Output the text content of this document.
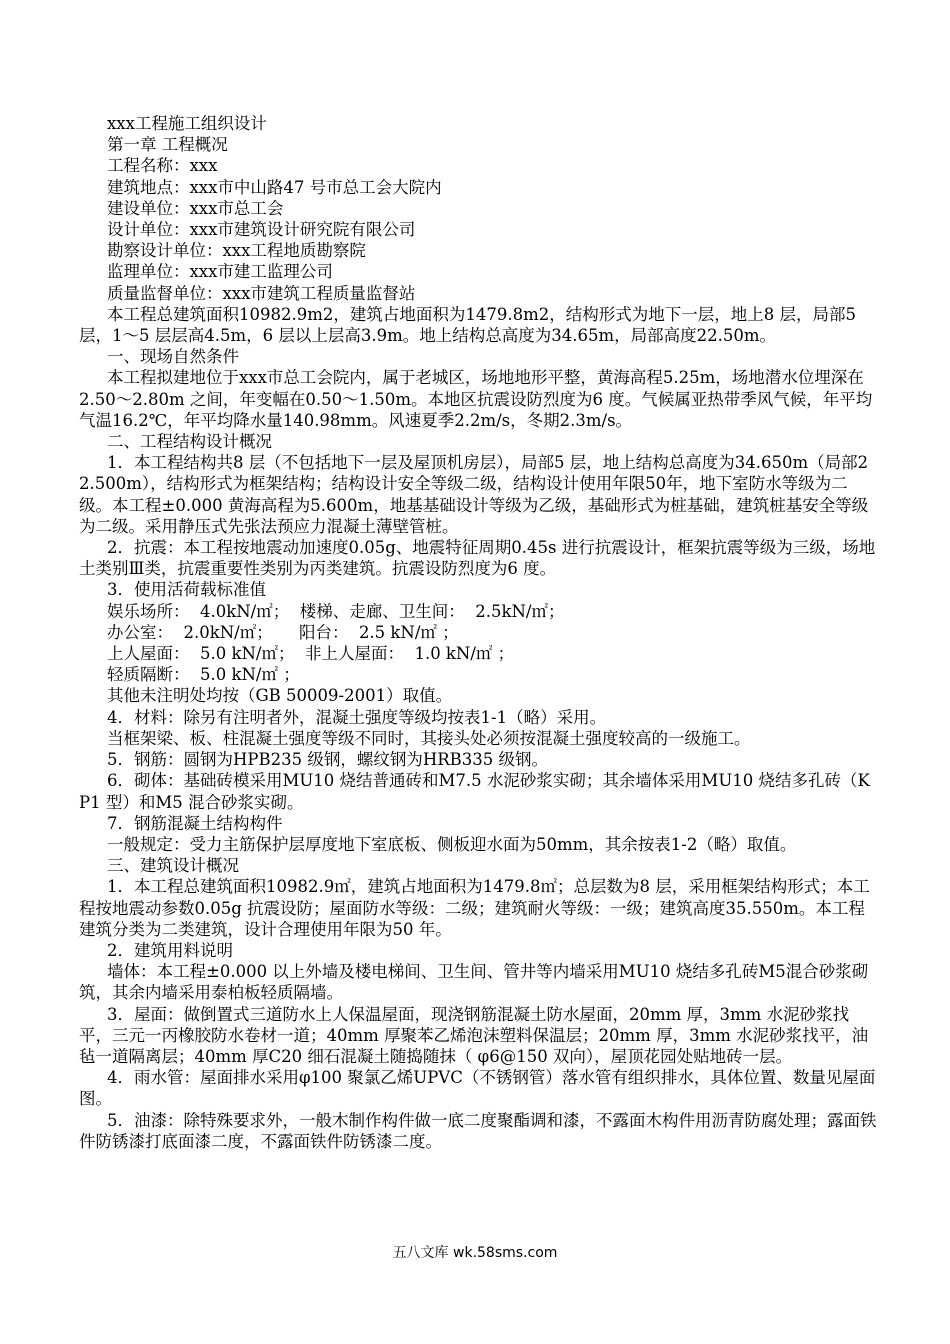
xxx工程施工组织设计

第一章 工程概况

工程名称：xxx

建筑地点：xxx市中山路47 号市总工会大院内

建设单位：xxx市总工会

设计单位：xxx市建筑设计研究院有限公司

勘察设计单位：xxx工程地质勘察院

监理单位：xxx市建工监理公司

质量监督单位：xxx市建筑工程质量监督站

本工程总建筑面积10982.9m2，建筑占地面积为1479.8m2，结构形式为地下一层，地上8 层，局部5 层，1～5 层层高4.5m，6 层以上层高3.9m。地上结构总高度为34.65m，局部高度22.50m。

一、现场自然条件

本工程拟建地位于xxx市总工会院内，属于老城区，场地地形平整，黄海高程5.25m，场地潜水位埋深在2.50～2.80m 之间，年变幅在0.50～1.50m。本地区抗震设防烈度为6 度。气候属亚热带季风气候，年平均气温16.2℃，年平均降水量140.98mm。风速夏季2.2m/s，冬期2.3m/s。

二、工程结构设计概况

1．本工程结构共8 层（不包括地下一层及屋顶机房层），局部5 层，地上结构总高度为34.650m（局部22.500m），结构形式为框架结构；结构设计安全等级二级，结构设计使用年限50年，地下室防水等级为二级。本工程±0.000 黄海高程为5.600m，地基基础设计等级为乙级，基础形式为桩基础，建筑桩基安全等级为二级。采用静压式先张法预应力混凝土薄壁管桩。

2．抗震：本工程按地震动加速度0.05g、地震特征周期0.45s 进行抗震设计，框架抗震等级为三级，场地土类别Ⅲ类，抗震重要性类别为丙类建筑。抗震设防烈度为6 度。

3．使用活荷载标准值

娱乐场所：  4.0kN/㎡；  楼梯、走廊、卫生间：  2.5kN/㎡；

办公室：  2.0kN/㎡；     阳台：  2.5 kN/㎡ ；

上人屋面：  5.0 kN/㎡；  非上人屋面：  1.0 kN/㎡ ；

轻质隔断：  5.0 kN/㎡ ；

其他未注明处均按（GB 50009-2001）取值。

4．材料：除另有注明者外，混凝土强度等级均按表1-1（略）采用。

当框架梁、板、柱混凝土强度等级不同时，其接头处必须按混凝土强度较高的一级施工。

5．钢筋：圆钢为HPB235 级钢，螺纹钢为HRB335 级钢。

6．砌体：基础砖模采用MU10 烧结普通砖和M7.5 水泥砂浆实砌；其余墙体采用MU10 烧结多孔砖（KP1 型）和M5 混合砂浆实砌。

7．钢筋混凝土结构构件

一般规定：受力主筋保护层厚度地下室底板、侧板迎水面为50mm，其余按表1-2（略）取值。

三、建筑设计概况

1．本工程总建筑面积10982.9㎡，建筑占地面积为1479.8㎡；总层数为8 层，采用框架结构形式；本工程按地震动参数0.05g 抗震设防；屋面防水等级：二级；建筑耐火等级：一级；建筑高度35.550m。本工程建筑分类为二类建筑，设计合理使用年限为50 年。

2．建筑用料说明

墙体：本工程±0.000 以上外墙及楼电梯间、卫生间、管井等内墙采用MU10 烧结多孔砖M5混合砂浆砌筑，其余内墙采用泰柏板轻质隔墙。

3．屋面：做倒置式三道防水上人保温屋面，现浇钢筋混凝土防水屋面，20mm 厚，3mm 水泥砂浆找平，三元一丙橡胶防水卷材一道；40mm 厚聚苯乙烯泡沫塑料保温层；20mm 厚，3mm 水泥砂浆找平，油毡一道隔离层；40mm 厚C20 细石混凝土随捣随抹（ φ6@150 双向），屋顶花园处贴地砖一层。

4．雨水管：屋面排水采用φ100 聚氯乙烯UPVC（不锈钢管）落水管有组织排水，具体位置、数量见屋面图。

5．油漆：除特殊要求外，一般木制作构件做一底二度聚酯调和漆，不露面木构件用沥青防腐处理；露面铁件防锈漆打底面漆二度，不露面铁件防锈漆二度。

五八文库 wk.58sms.com
